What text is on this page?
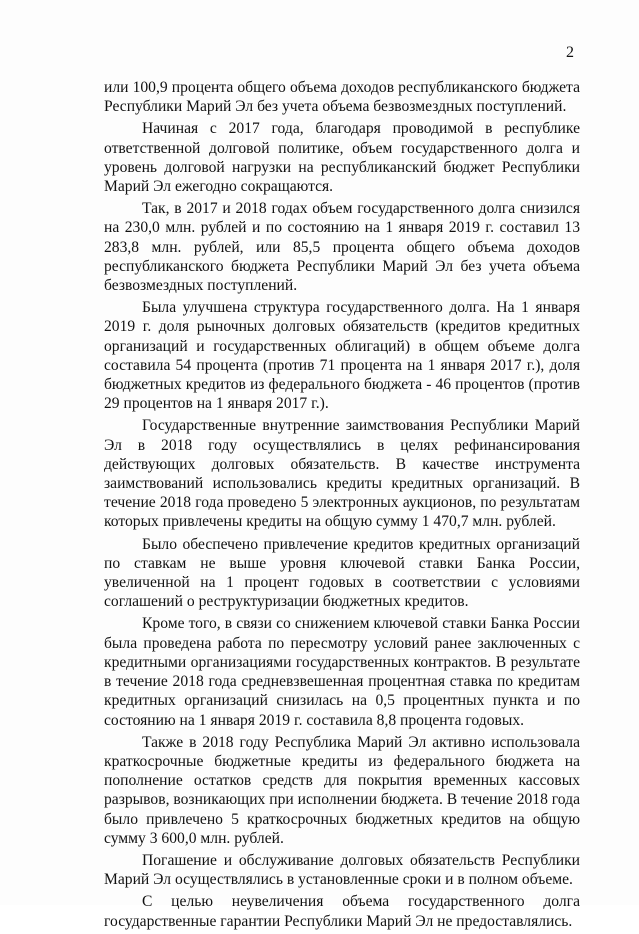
2

или 100,9 процента общего объема доходов республиканского бюджета Республики Марий Эл без учета объема безвозмездных поступлений.

Начиная с 2017 года, благодаря проводимой в республике ответственной долговой политике, объем государственного долга и уровень долговой нагрузки на республиканский бюджет Республики Марий Эл ежегодно сокращаются.

Так, в 2017 и 2018 годах объем государственного долга снизился на 230,0 млн. рублей и по состоянию на 1 января 2019 г. составил 13 283,8 млн. рублей, или 85,5 процента общего объема доходов республиканского бюджета Республики Марий Эл без учета объема безвозмездных поступлений.

Была улучшена структура государственного долга. На 1 января 2019 г. доля рыночных долговых обязательств (кредитов кредитных организаций и государственных облигаций) в общем объеме долга составила 54 процента (против 71 процента на 1 января 2017 г.), доля бюджетных кредитов из федерального бюджета - 46 процентов (против 29 процентов на 1 января 2017 г.).

Государственные внутренние заимствования Республики Марий Эл в 2018 году осуществлялись в целях рефинансирования действующих долговых обязательств. В качестве инструмента заимствований использовались кредиты кредитных организаций. В течение 2018 года проведено 5 электронных аукционов, по результатам которых привлечены кредиты на общую сумму 1 470,7 млн. рублей.

Было обеспечено привлечение кредитов кредитных организаций по ставкам не выше уровня ключевой ставки Банка России, увеличенной на 1 процент годовых в соответствии с условиями соглашений о реструктуризации бюджетных кредитов.

Кроме того, в связи со снижением ключевой ставки Банка России была проведена работа по пересмотру условий ранее заключенных с кредитными организациями государственных контрактов. В результате в течение 2018 года средневзвешенная процентная ставка по кредитам кредитных организаций снизилась на 0,5 процентных пункта и по состоянию на 1 января 2019 г. составила 8,8 процента годовых.

Также в 2018 году Республика Марий Эл активно использовала краткосрочные бюджетные кредиты из федерального бюджета на пополнение остатков средств для покрытия временных кассовых разрывов, возникающих при исполнении бюджета. В течение 2018 года было привлечено 5 краткосрочных бюджетных кредитов на общую сумму 3 600,0 млн. рублей.

Погашение и обслуживание долговых обязательств Республики Марий Эл осуществлялись в установленные сроки и в полном объеме.

С целью неувеличения объема государственного долга государственные гарантии Республики Марий Эл не предоставлялись.
